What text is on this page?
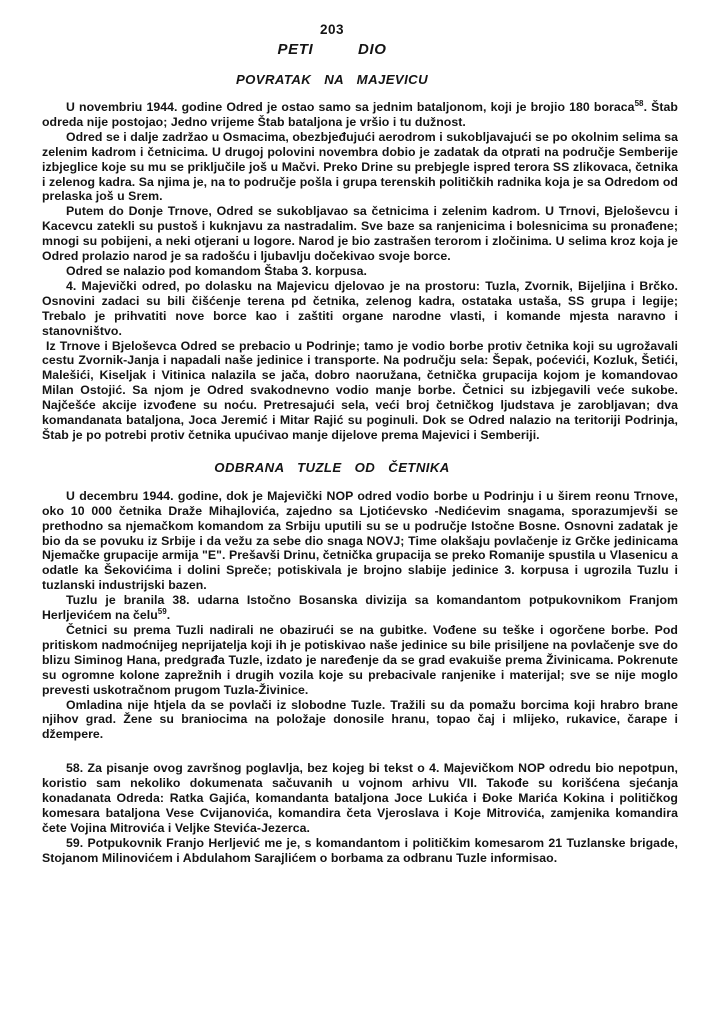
203
PETI DIO
POVRATAK NA MAJEVICU

U novembriu 1944. godine Odred je ostao samo sa jednim bataljonom, koji je brojio 180 boraca$^{58}$. Štab odreda nije postojao; Jedno vrijeme Štab bataljona je vršio i tu dužnost.

Odred se i dalje zadržao u Osmacima, obezbjeđujući aerodrom i sukobljavajući se po okolnim selima sa zelenim kadrom i četnicima. U drugoj polovini novembra dobio je zadatak da otprati na područje Semberije izbjeglice koje su mu se priključile još u Mačvi. Preko Drine su prebjegle ispred terora SS zlikovaca, četnika i zelenog kadra. Sa njima je, na to područje pošla i grupa terenskih političkih radnika koja je sa Odredom od prelaska još u Srem.

Putem do Donje Trnove, Odred se sukobljavao sa četnicima i zelenim kadrom. U Trnovi, Bjeloševcu i Kacevcu zatekli su pustoš i kuknjavu za nastradalim. Sve baze sa ranjenicima i bolesnicima su pronađene; mnogi su pobijeni, a neki otjerani u logore. Narod je bio zastrašen terorom i zločinima. U selima kroz koja je Odred prolazio narod je sa radošću i ljubavlju dočekivao svoje borce.

Odred se nalazio pod komandom Štaba 3. korpusa.

4. Majevički odred, po dolasku na Majevicu djelovao je na prostoru: Tuzla, Zvornik, Bijeljina i Brčko. Osnovini zadaci su bili čišćenje terena pd četnika, zelenog kadra, ostataka ustaša, SS grupa i legije; Trebalo je prihvatiti nove borce kao i zaštiti organe narodne vlasti, i komande mjesta naravno i stanovništvo.

Iz Trnove i Bjeloševca Odred se prebacio u Podrinje; tamo je vodio borbe protiv četnika koji su ugrožavali cestu Zvornik-Janja i napadali naše jedinice i transporte. Na području sela: Šepak, poćevići, Kozluk, Šetići, Malešići, Kiseljak i Vitinica nalazila se jača, dobro naoružana, četnička grupacija kojom je komandovao Milan Ostojić. Sa njom je Odred svakodnevno vodio manje borbe. Četnici su izbjegavili veće sukobe. Najčešće akcije izvođene su noću. Pretresajući sela, veći broj četničkog ljudstava je zarobljavan; dva komandanata bataljona, Joca Jeremić i Mitar Rajić su poginuli. Dok se Odred nalazio na teritoriji Podrinja, Štab je po potrebi protiv četnika upućivao manje dijelove prema Majevici i Semberiji.

ODBRANA TUZLE OD ČETNIKA

U decembru 1944. godine, dok je Majevički NOP odred vodio borbe u Podrinju i u širem reonu Trnove, oko 10 000 četnika Draže Mihajlovića, zajedno sa Ljotićevsko -Nedićevim snagama, sporazumjevši se prethodno sa njemačkom komandom za Srbiju uputili su se u područje Istočne Bosne. Osnovni zadatak je bio da se povuku iz Srbije i da vežu za sebe dio snaga NOVJ; Time olakšaju povlačenje iz Grčke jedinicama Njemačke grupacije armija "E". Prešavši Drinu, četnička grupacija se preko Romanije spustila u Vlasenicu a odatle ka Šekovićima i dolini Spreče; potiskivala je brojno slabije jedinice 3. korpusa i ugrozila Tuzlu i tuzlanski industrijski bazen.

Tuzlu je branila 38. udarna Istočno Bosanska divizija sa komandantom potpukovnikom Franjom Herljevićem na čelu$^{59}$.

Četnici su prema Tuzli nadirali ne obazirući se na gubitke. Vođene su teške i ogorčene borbe. Pod pritiskom nadmoćnijeg neprijatelja koji ih je potiskivao naše jedinice su bile prisiljene na povlačenje sve do blizu Siminog Hana, predgrađa Tuzle, izdato je naređenje da se grad evakuiše prema Živinicama. Pokrenute su ogromne kolone zaprežnih i drugih vozila koje su prebacivale ranjenike i materijal; sve se nije moglo prevesti uskotračnom prugom Tuzla-Živinice.

Omladina nije htjela da se povlači iz slobodne Tuzle. Tražili su da pomažu borcima koji hrabro brane njihov grad. Žene su braniocima na položaje donosile hranu, topao čaj i mlijeko, rukavice, čarape i džempere.

58. Za pisanje ovog završnog poglavlja, bez kojeg bi tekst o 4. Majevičkom NOP odredu bio nepotpun, koristio sam nekoliko dokumenata sačuvanih u vojnom arhivu VII. Takođe su korišćena sjećanja konadanata Odreda: Ratka Gajića, komandanta bataljona Joce Lukića i Đoke Marića Kokina i političkog komesara bataljona Vese Cvijanovića, komandira četa Vjeroslava i Koje Mitrovića, zamjenika komandira čete Vojina Mitrovića i Veljke Stevića-Jezerca.

59. Potpukovnik Franjo Herljević me je, s komandantom i političkim komesarom 21 Tuzlanske brigade, Stojanom Milinovićem i Abdulahom Sarajlićem o borbama za odbranu Tuzle informisao.
